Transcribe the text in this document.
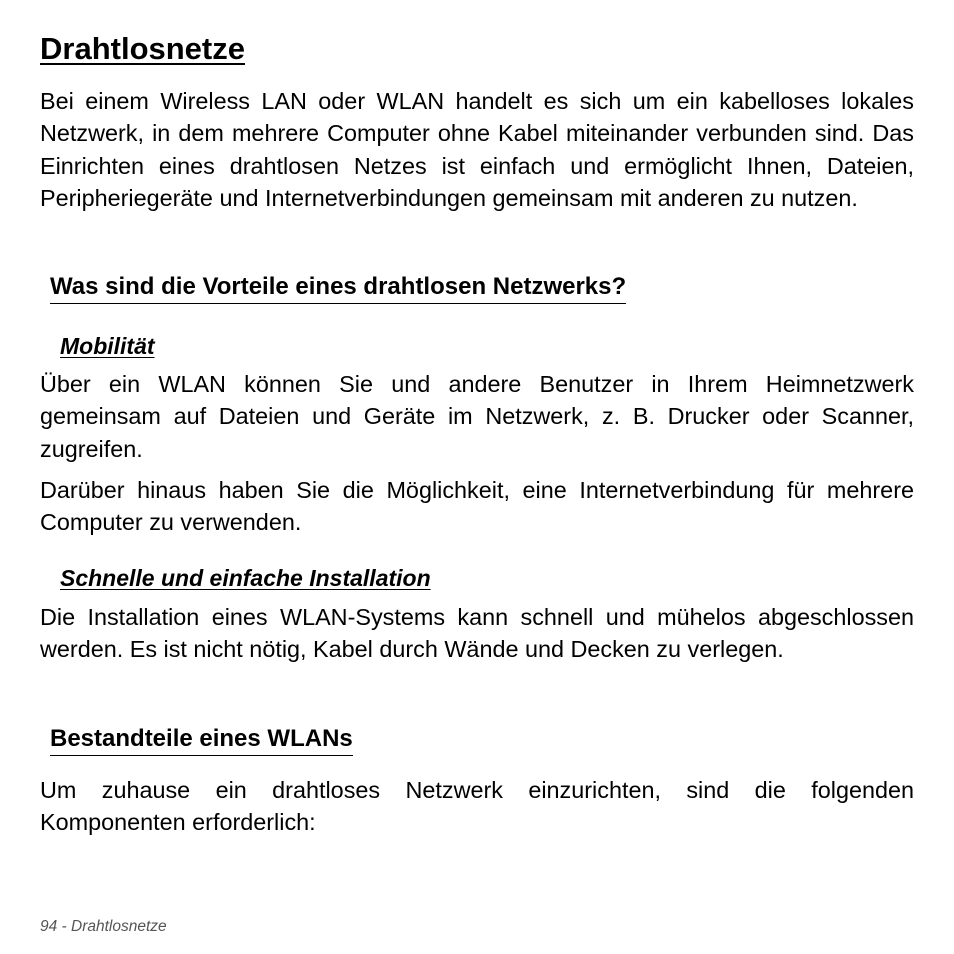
Drahtlosnetze

Bei einem Wireless LAN oder WLAN handelt es sich um ein kabelloses lokales Netzwerk, in dem mehrere Computer ohne Kabel miteinander verbunden sind. Das Einrichten eines drahtlosen Netzes ist einfach und ermöglicht Ihnen, Dateien, Peripheriegeräte und Internetverbindungen gemeinsam mit anderen zu nutzen.

Was sind die Vorteile eines drahtlosen Netzwerks?
Mobilität

Über ein WLAN können Sie und andere Benutzer in Ihrem Heimnetzwerk gemeinsam auf Dateien und Geräte im Netzwerk, z. B. Drucker oder Scanner, zugreifen.

Darüber hinaus haben Sie die Möglichkeit, eine Internetverbindung für mehrere Computer zu verwenden.

Schnelle und einfache Installation

Die Installation eines WLAN-Systems kann schnell und mühelos abgeschlossen werden. Es ist nicht nötig, Kabel durch Wände und Decken zu verlegen.

Bestandteile eines WLANs

Um zuhause ein drahtloses Netzwerk einzurichten, sind die folgenden Komponenten erforderlich:

94 - Drahtlosnetze
